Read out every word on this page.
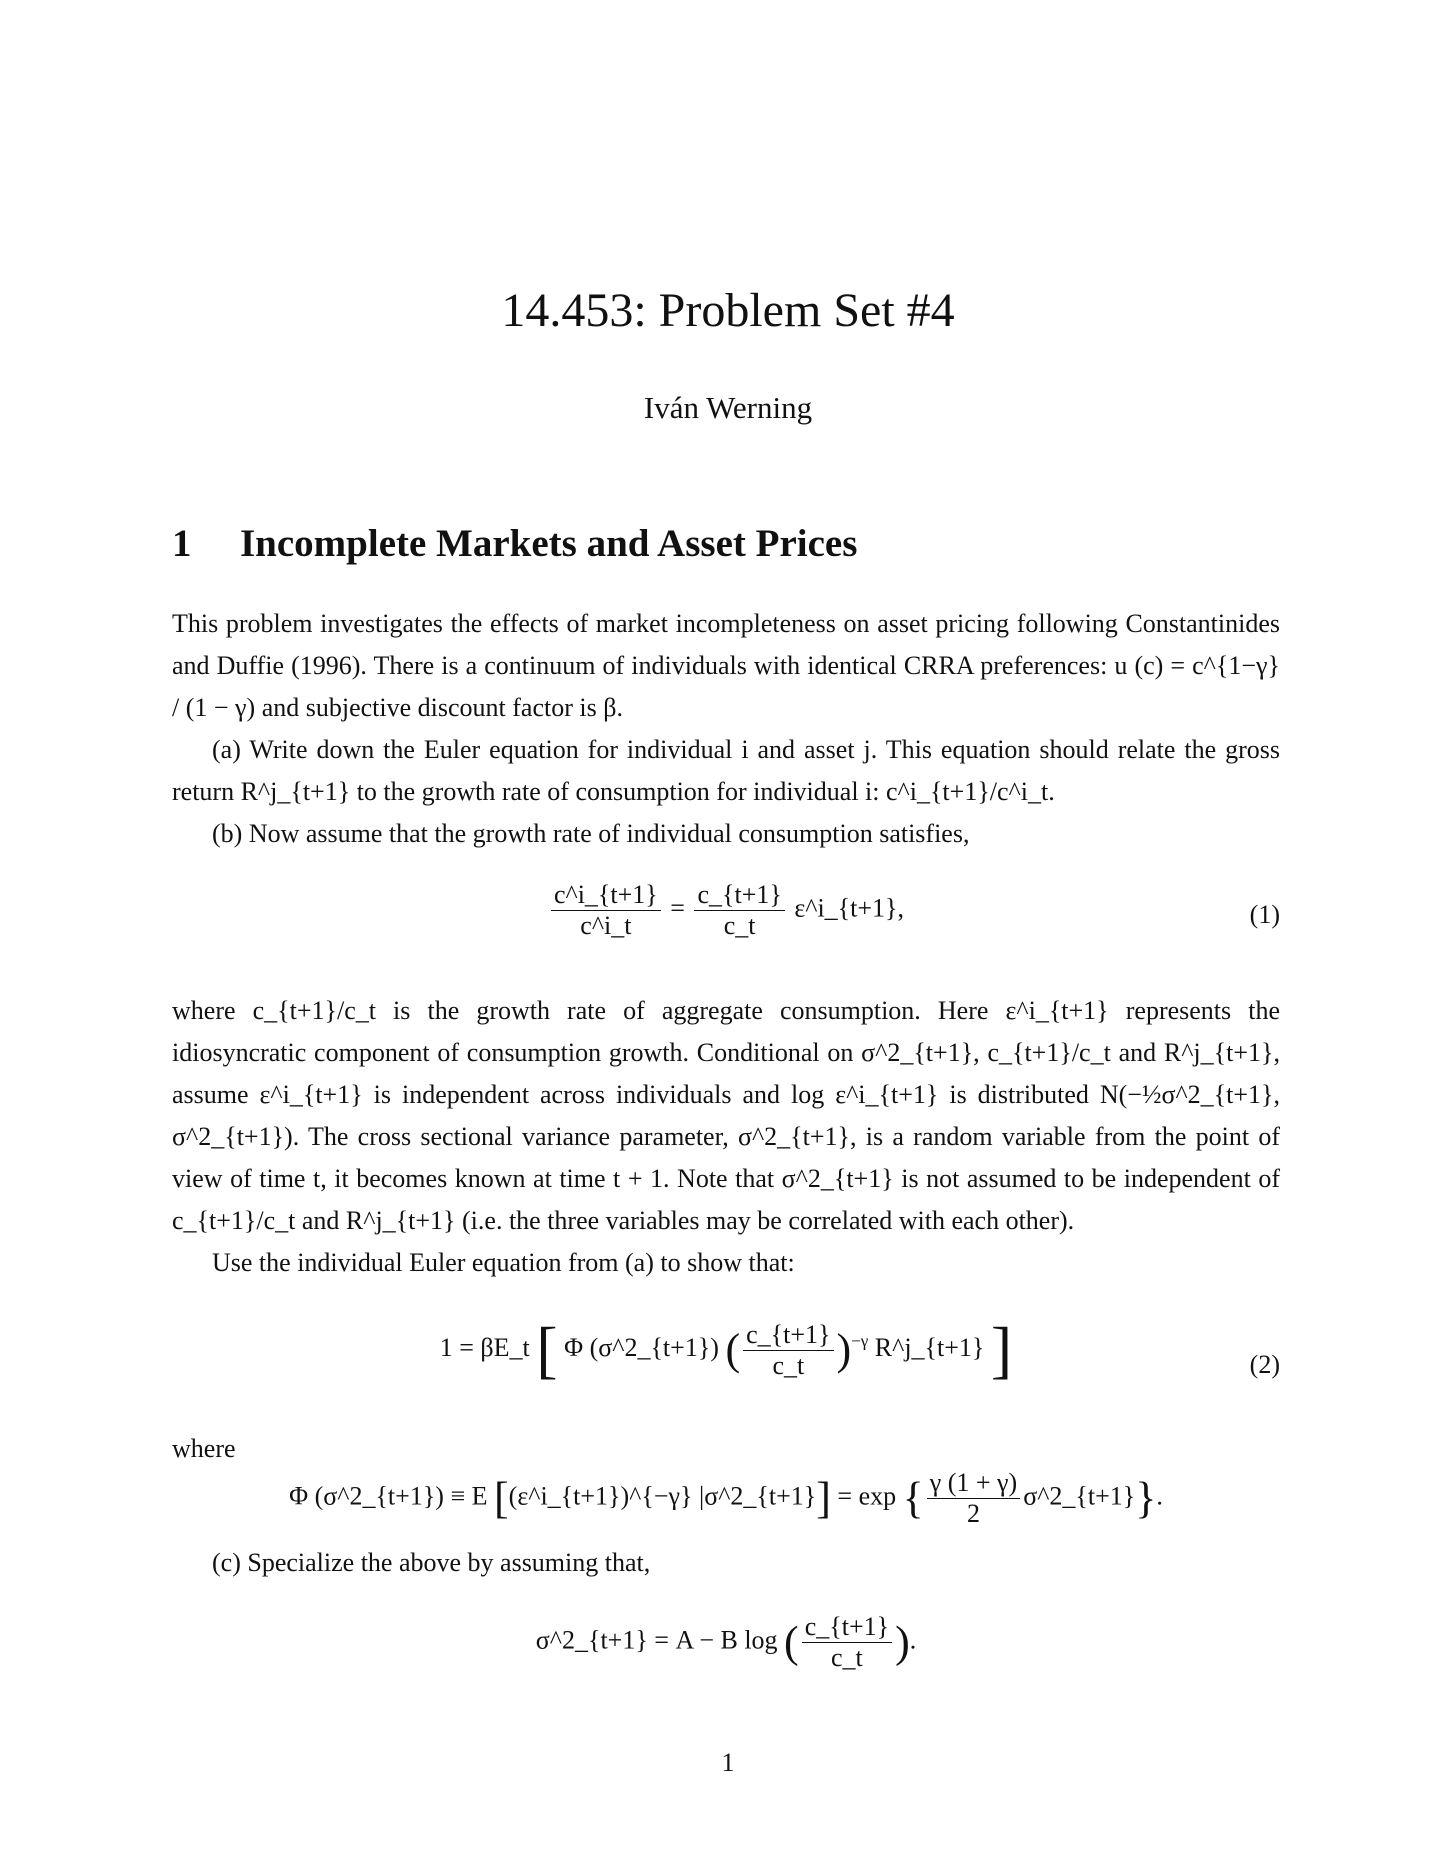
14.453: Problem Set #4
Iván Werning
1 Incomplete Markets and Asset Prices

This problem investigates the effects of market incompleteness on asset pricing following Constantinides and Duffie (1996). There is a continuum of individuals with identical CRRA preferences: u (c) = c^{1−γ} / (1 − γ) and subjective discount factor is β.

(a) Write down the Euler equation for individual i and asset j. This equation should relate the gross return R^j_{t+1} to the growth rate of consumption for individual i: c^i_{t+1}/c^i_t.

(b) Now assume that the growth rate of individual consumption satisfies,

$\frac{c\^{}i\_\{t+1\}}{c\^{}i\_t} = \frac{c\_\{t+1\}}{c\_t}$ ε^i_{t+1},	(1)

where c_{t+1}/c_t is the growth rate of aggregate consumption. Here ε^i_{t+1} represents the idiosyncratic component of consumption growth. Conditional on σ^2_{t+1}, c_{t+1}/c_t and R^j_{t+1}, assume ε^i_{t+1} is independent across individuals and log ε^i_{t+1} is distributed N(−½σ^2_{t+1}, σ^2_{t+1}). The cross sectional variance parameter, σ^2_{t+1}, is a random variable from the point of view of time t, it becomes known at time t + 1. Note that σ^2_{t+1} is not assumed to be independent of c_{t+1}/c_t and R^j_{t+1} (i.e. the three variables may be correlated with each other).

Use the individual Euler equation from (a) to show that:

1 = βE_t [ Φ (σ^2_{t+1}) ( $\frac{c\_\{t+1\}}{c\_t} )^{-\gamma}$ R^j_{t+1} ]	(2)

where

Φ (σ^2_{t+1}) ≡ E [(ε^i_{t+1})^{−γ} |σ^2_{t+1}] = exp { $\frac{\gamma (1 + \gamma)}{2}$ σ^2_{t+1}}.

(c) Specialize the above by assuming that,

σ^2_{t+1} = A − B log ( $\frac{c\_\{t+1\}}{c\_t}$ ).
1
